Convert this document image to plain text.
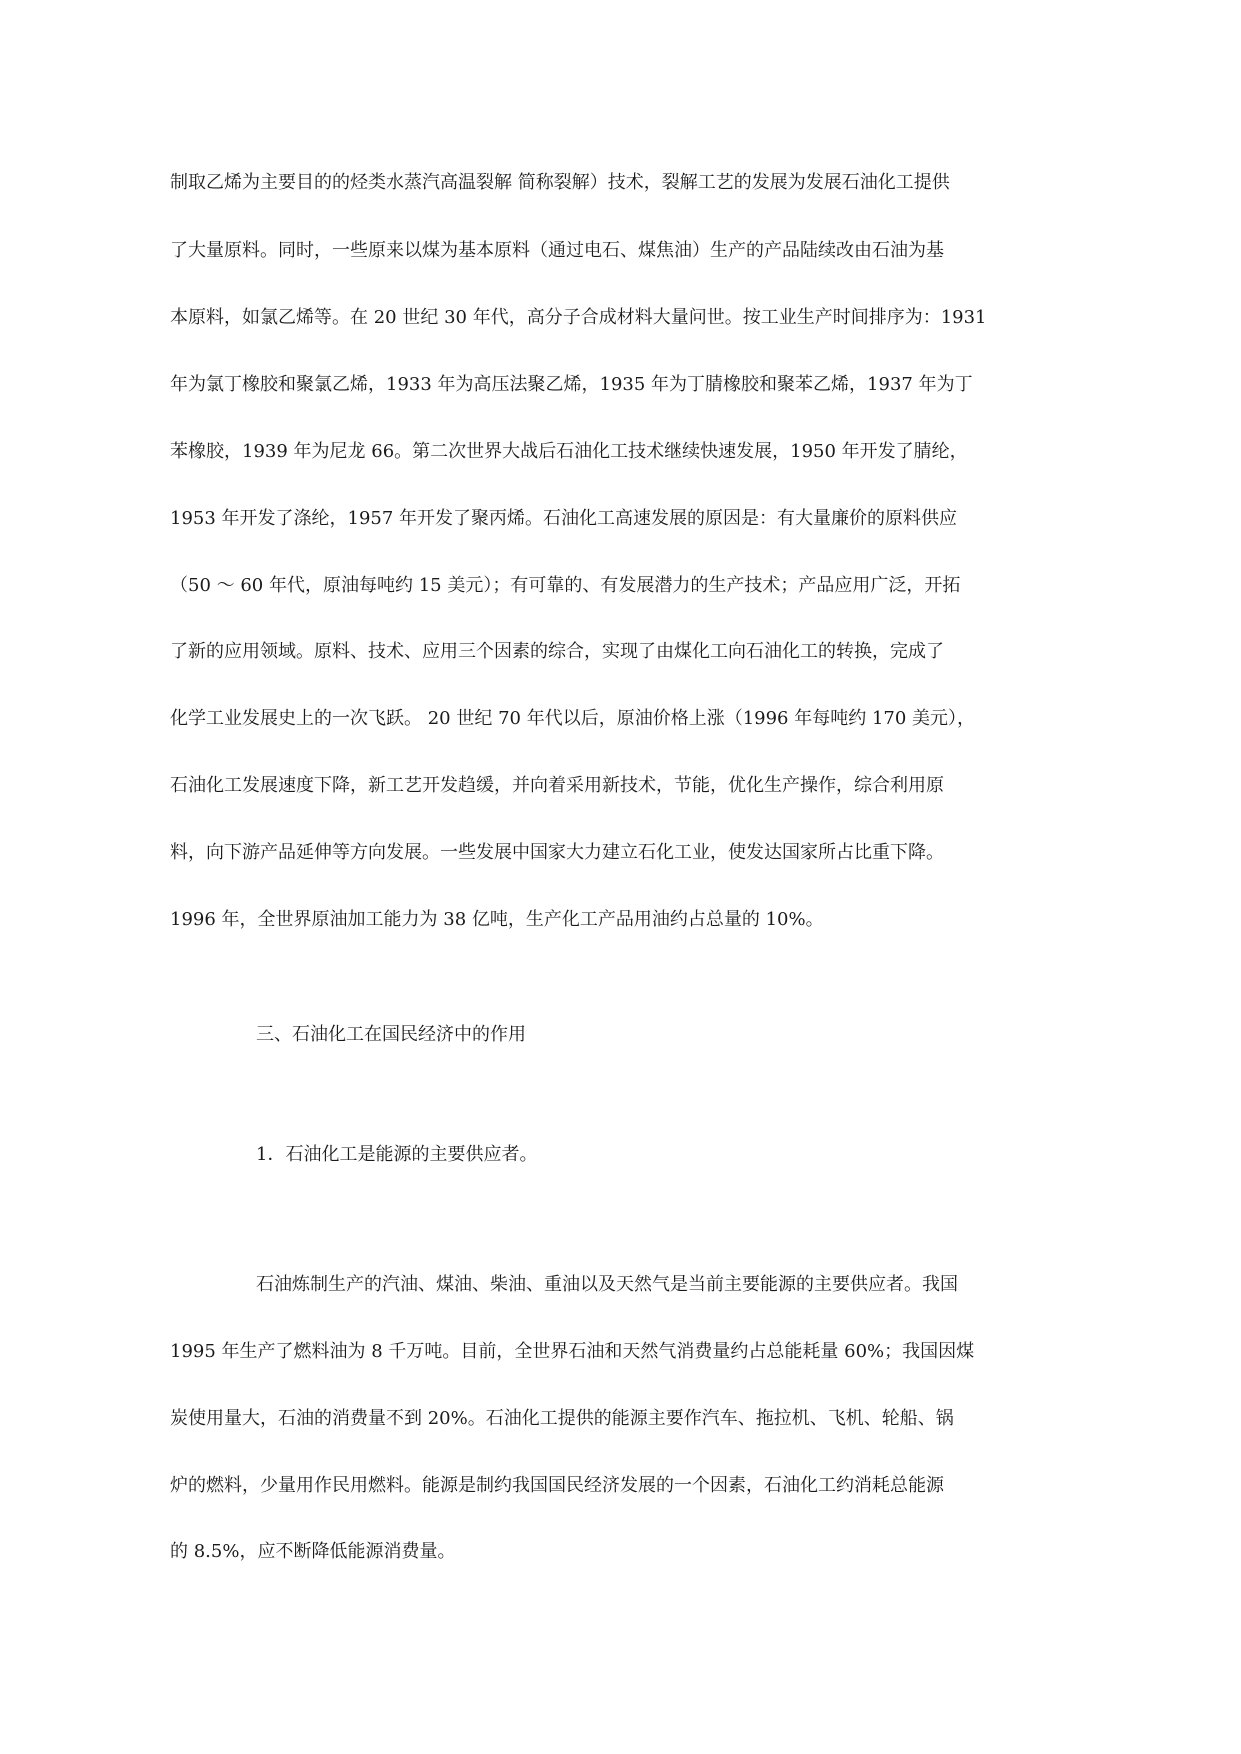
制取乙烯为主要目的的烃类水蒸汽高温裂解 简称裂解）技术，裂解工艺的发展为发展石油化工提供
了大量原料。同时，一些原来以煤为基本原料（通过电石、煤焦油）生产的产品陆续改由石油为基
本原料，如氯乙烯等。在 20 世纪 30 年代，高分子合成材料大量问世。按工业生产时间排序为：1931
年为氯丁橡胶和聚氯乙烯，1933 年为高压法聚乙烯，1935 年为丁腈橡胶和聚苯乙烯，1937 年为丁
苯橡胶，1939 年为尼龙 66。第二次世界大战后石油化工技术继续快速发展，1950 年开发了腈纶，
1953 年开发了涤纶，1957 年开发了聚丙烯。石油化工高速发展的原因是：有大量廉价的原料供应
（50 ～ 60 年代，原油每吨约 15 美元）；有可靠的、有发展潜力的生产技术；产品应用广泛，开拓
了新的应用领域。原料、技术、应用三个因素的综合，实现了由煤化工向石油化工的转换，完成了
化学工业发展史上的一次飞跃。 20 世纪 70 年代以后，原油价格上涨（1996 年每吨约 170 美元），
石油化工发展速度下降，新工艺开发趋缓，并向着采用新技术，节能，优化生产操作，综合利用原
料，向下游产品延伸等方向发展。一些发展中国家大力建立石化工业，使发达国家所占比重下降。
1996 年，全世界原油加工能力为 38 亿吨，生产化工产品用油约占总量的 10%。
三、石油化工在国民经济中的作用
1．石油化工是能源的主要供应者。
石油炼制生产的汽油、煤油、柴油、重油以及天然气是当前主要能源的主要供应者。我国
1995 年生产了燃料油为 8 千万吨。目前，全世界石油和天然气消费量约占总能耗量 60%；我国因煤
炭使用量大，石油的消费量不到 20%。石油化工提供的能源主要作汽车、拖拉机、飞机、轮船、锅
炉的燃料，少量用作民用燃料。能源是制约我国国民经济发展的一个因素，石油化工约消耗总能源
的 8.5%，应不断降低能源消费量。
